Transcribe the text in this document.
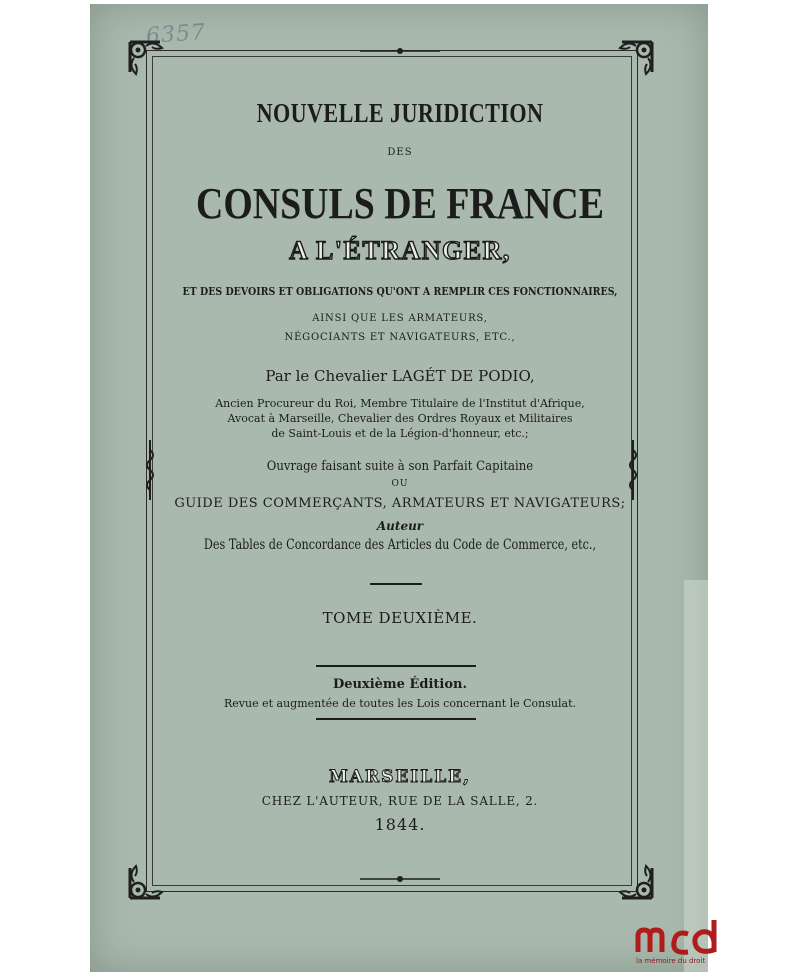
6357
NOUVELLE JURIDICTION
DES
CONSULS DE FRANCE
A L'ÉTRANGER,
ET DES DEVOIRS ET OBLIGATIONS QU'ONT A REMPLIR CES FONCTIONNAIRES,
AINSI QUE LES ARMATEURS,
NÉGOCIANTS ET NAVIGATEURS, ETC.,
Par le Chevalier LAGÉT DE PODIO,
Ancien Procureur du Roi, Membre Titulaire de l'Institut d'Afrique,
Avocat à Marseille, Chevalier des Ordres Royaux et Militaires
de Saint-Louis et de la Légion-d'honneur, etc.;
Ouvrage faisant suite à son Parfait Capitaine
OU
GUIDE DES COMMERÇANTS, ARMATEURS ET NAVIGATEURS;
Auteur
Des Tables de Concordance des Articles du Code de Commerce, etc.,
TOME DEUXIÈME.
Deuxième Édition.
Revue et augmentée de toutes les Lois concernant le Consulat.
MARSEILLE,
CHEZ L'AUTEUR, RUE DE LA SALLE, 2.
1844.
la mémoire du droit
